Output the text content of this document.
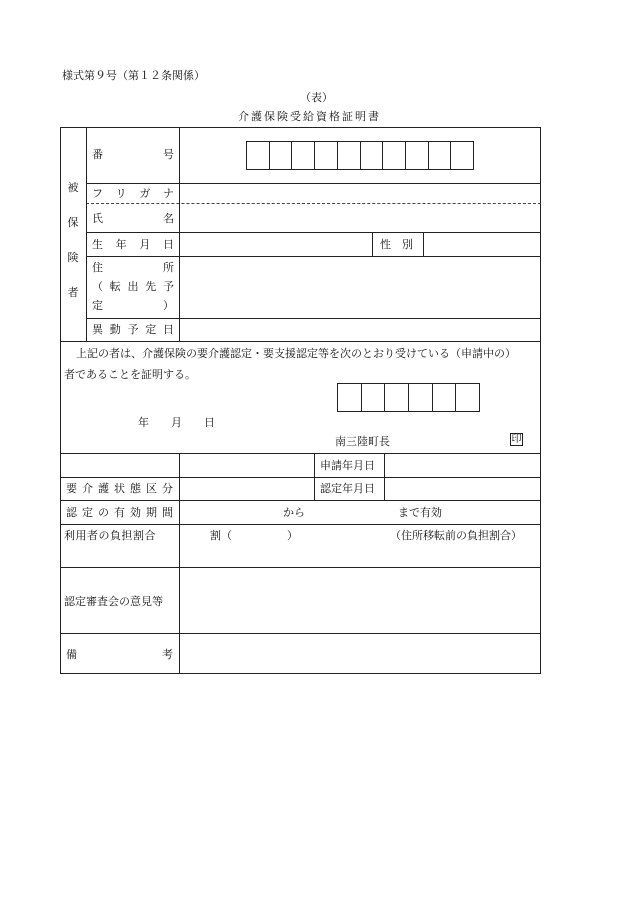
様式第９号（第１２条関係）
（表）
介護保険受給資格証明書
被
保
険
者
番	号
フ リ ガ ナ
氏	名
生 年 月 日	性　別
住	所
（ 転 出 先 予
定	）
異 動 予 定 日
上記の者は、介護保険の要介護認定・要支援認定等を次のとおり受けている（申請中の）
者であることを証明する。
年　　月　　日
南三陸町長	印
申請年月日
要 介 護 状 態 区 分	認定年月日
認 定 の 有 効 期 間	から	まで有効
利用者の負担割合	割（　　　　　）	（住所移転前の負担割合）
認定審査会の意見等
備	考
